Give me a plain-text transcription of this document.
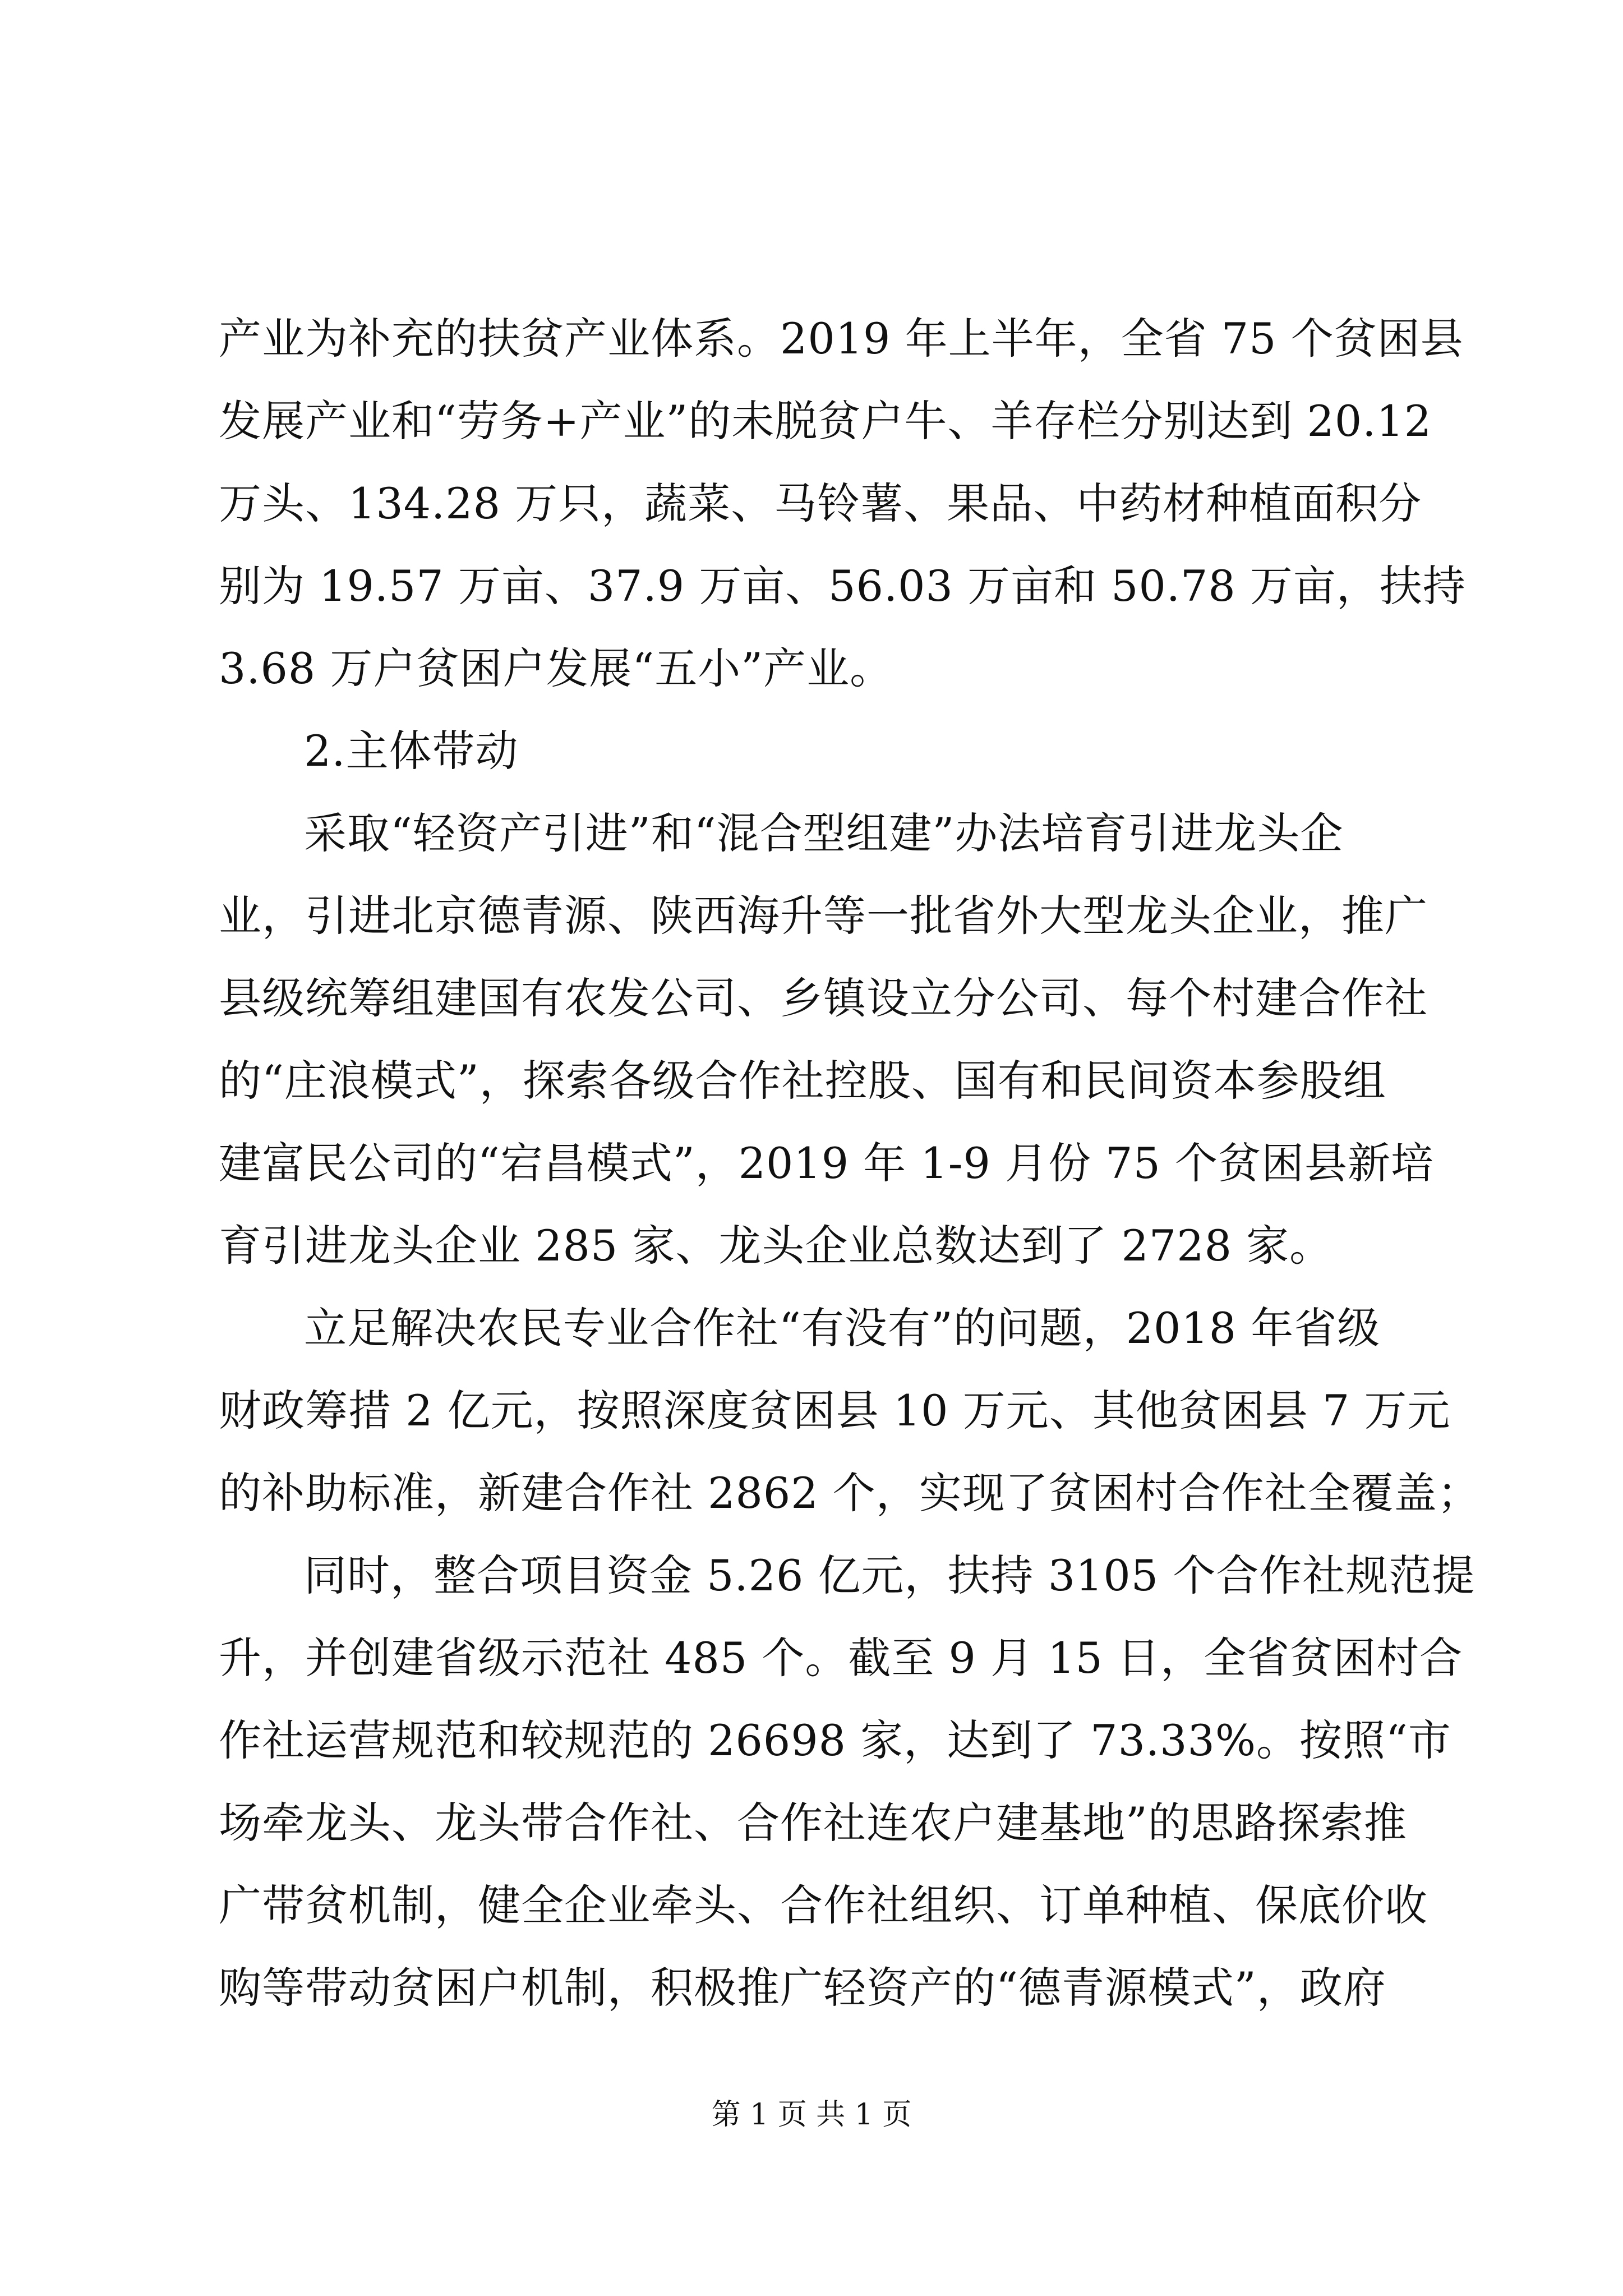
产业为补充的扶贫产业体系。2019 年上半年，全省 75 个贫困县
发展产业和“劳务+产业”的未脱贫户牛、羊存栏分别达到 20.12
万头、134.28 万只，蔬菜、马铃薯、果品、中药材种植面积分
别为 19.57 万亩、37.9 万亩、56.03 万亩和 50.78 万亩，扶持
3.68 万户贫困户发展“五小”产业。
2.主体带动
采取“轻资产引进”和“混合型组建”办法培育引进龙头企
业，引进北京德青源、陕西海升等一批省外大型龙头企业，推广
县级统筹组建国有农发公司、乡镇设立分公司、每个村建合作社
的“庄浪模式”，探索各级合作社控股、国有和民间资本参股组
建富民公司的“宕昌模式”，2019 年 1-9 月份 75 个贫困县新培
育引进龙头企业 285 家、龙头企业总数达到了 2728 家。
立足解决农民专业合作社“有没有”的问题，2018 年省级
财政筹措 2 亿元，按照深度贫困县 10 万元、其他贫困县 7 万元
的补助标准，新建合作社 2862 个，实现了贫困村合作社全覆盖；
同时，整合项目资金 5.26 亿元，扶持 3105 个合作社规范提
升，并创建省级示范社 485 个。截至 9 月 15 日，全省贫困村合
作社运营规范和较规范的 26698 家，达到了 73.33%。按照“市
场牵龙头、龙头带合作社、合作社连农户建基地”的思路探索推
广带贫机制，健全企业牵头、合作社组织、订单种植、保底价收
购等带动贫困户机制，积极推广轻资产的“德青源模式”，政府
第 1 页 共 1 页
